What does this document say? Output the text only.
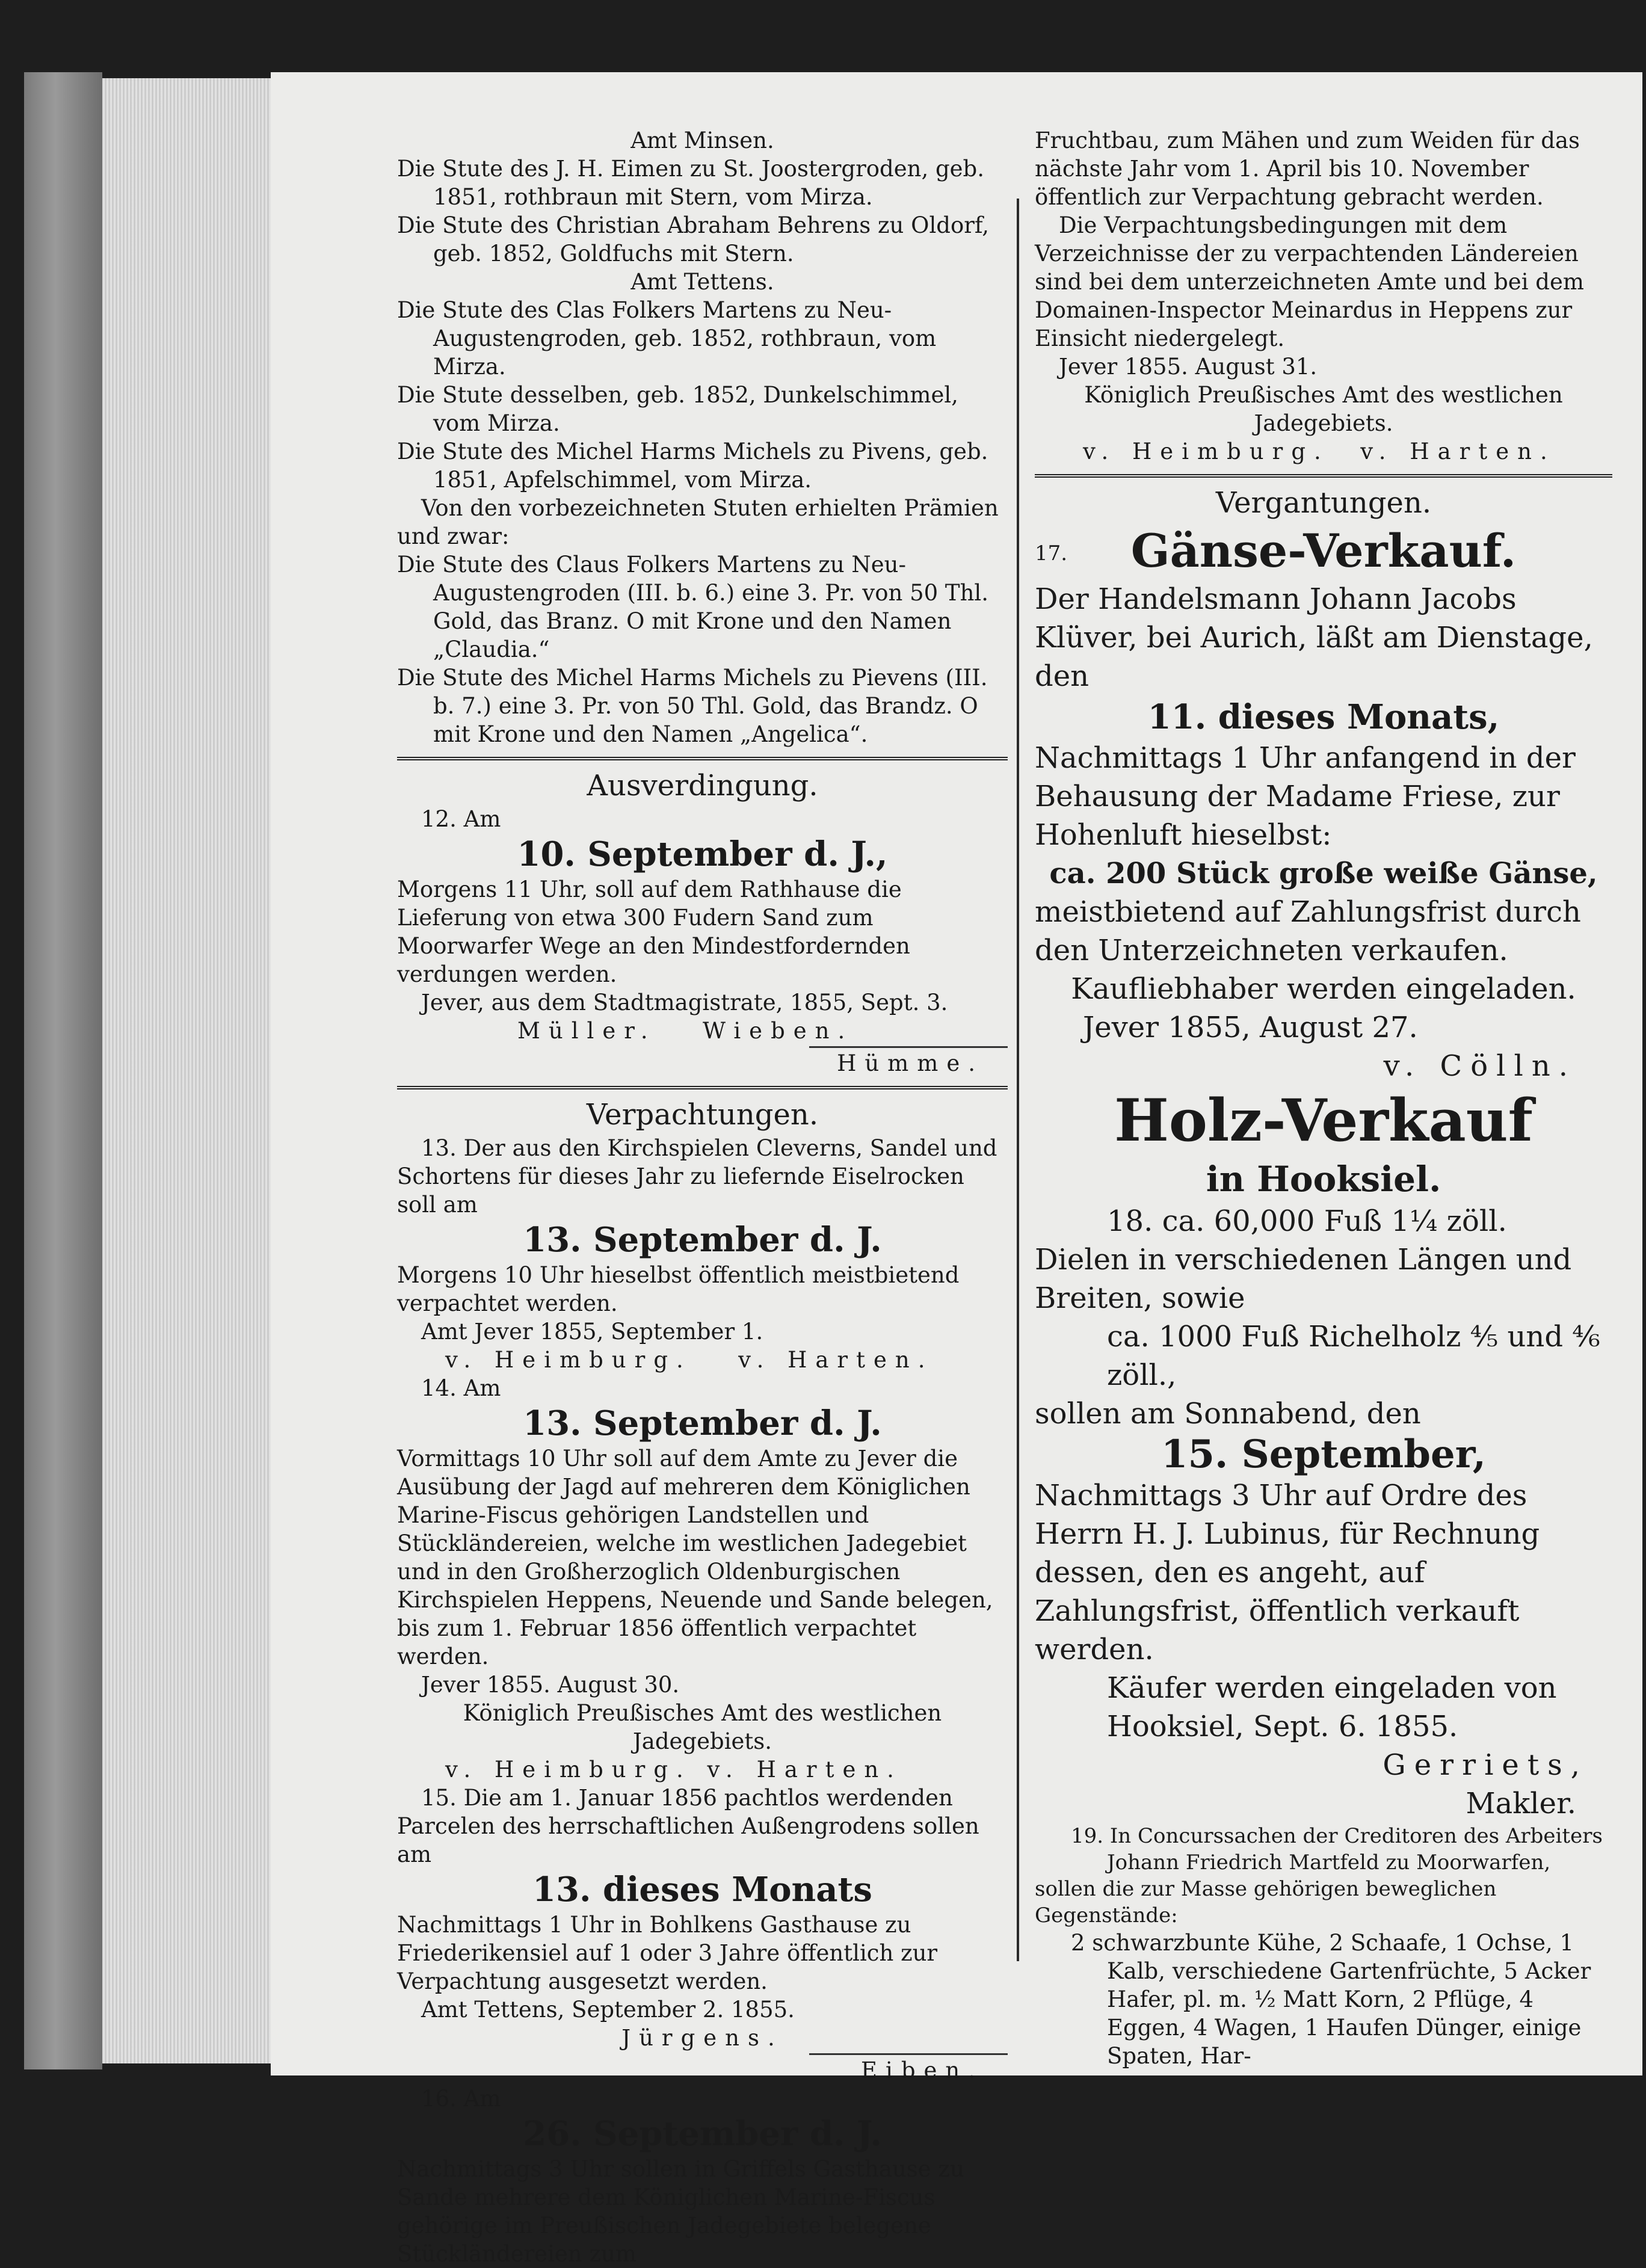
Amt Minsen.

Die Stute des J. H. Eimen zu St. Joostergroden, geb. 1851, rothbraun mit Stern, vom Mirza.

Die Stute des Christian Abraham Behrens zu Oldorf, geb. 1852, Goldfuchs mit Stern.

Amt Tettens.

Die Stute des Clas Folkers Martens zu Neu-Augustengroden, geb. 1852, rothbraun, vom Mirza.

Die Stute desselben, geb. 1852, Dunkelschimmel, vom Mirza.

Die Stute des Michel Harms Michels zu Pivens, geb. 1851, Apfelschimmel, vom Mirza.

Von den vorbezeichneten Stuten erhielten Prämien und zwar:

Die Stute des Claus Folkers Martens zu Neu-Augustengroden (III. b. 6.) eine 3. Pr. von 50 Thl. Gold, das Branz. O mit Krone und den Namen „Claudia.“

Die Stute des Michel Harms Michels zu Pievens (III. b. 7.) eine 3. Pr. von 50 Thl. Gold, das Brandz. O mit Krone und den Namen „Angelica“.

Ausverdingung.

12. Am

10. September d. J.,

Morgens 11 Uhr, soll auf dem Rathhause die Lieferung von etwa 300 Fudern Sand zum Moorwarfer Wege an den Mindestfordernden verdungen werden.

Jever, aus dem Stadtmagistrate, 1855, Sept. 3.

Müller. Wieben.

Hümme.

Verpachtungen.

13. Der aus den Kirchspielen Cleverns, Sandel und Schortens für dieses Jahr zu liefernde Eiselrocken soll am

13. September d. J.

Morgens 10 Uhr hieselbst öffentlich meistbietend verpachtet werden.

Amt Jever 1855, September 1.

v. Heimburg. v. Harten.

14. Am

13. September d. J.

Vormittags 10 Uhr soll auf dem Amte zu Jever die Ausübung der Jagd auf mehreren dem Königlichen Marine-Fiscus gehörigen Landstellen und Stückländereien, welche im westlichen Jadegebiet und in den Großherzoglich Oldenburgischen Kirchspielen Heppens, Neuende und Sande belegen, bis zum 1. Februar 1856 öffentlich verpachtet werden.

Jever 1855. August 30.

Königlich Preußisches Amt des westlichen Jadegebiets.

v. Heimburg. v. Harten.

15. Die am 1. Januar 1856 pachtlos werdenden Parcelen des herrschaftlichen Außengrodens sollen am

13. dieses Monats

Nachmittags 1 Uhr in Bohlkens Gasthause zu Friederikensiel auf 1 oder 3 Jahre öffentlich zur Verpachtung ausgesetzt werden.

Amt Tettens, September 2. 1855.

Jürgens.

Eiben.

16. Am

26. September d. J.

Nachmittags 3 Uhr sollen in Griffels Gasthause zu Sande mehrere dem Königlichen Marine-Fiscus gehörige im Preußischen Jadegebiete belegene Stückländereien zum

Fruchtbau, zum Mähen und zum Weiden für das nächste Jahr vom 1. April bis 10. November öffentlich zur Verpachtung gebracht werden.

Die Verpachtungsbedingungen mit dem Verzeichnisse der zu verpachtenden Ländereien sind bei dem unterzeichneten Amte und bei dem Domainen-Inspector Meinardus in Heppens zur Einsicht niedergelegt.

Jever 1855. August 31.

Königlich Preußisches Amt des westlichen Jadegebiets.

v. Heimburg. v. Harten.

Vergantungen.

17.	Gänse-Verkauf.

Der Handelsmann Johann Jacobs Klüver, bei Aurich, läßt am Dienstage, den

11. dieses Monats,

Nachmittags 1 Uhr anfangend in der Behausung der Madame Friese, zur Hohenluft hieselbst:

ca. 200 Stück große weiße Gänse,

meistbietend auf Zahlungsfrist durch den Unterzeichneten verkaufen.

Kaufliebhaber werden eingeladen.

Jever 1855, August 27.

v. Cölln.

Holz-Verkauf

in Hooksiel.

18. ca. 60,000 Fuß 1¼ zöll.

Dielen in verschiedenen Längen und Breiten, sowie

ca. 1000 Fuß Richelholz ⁴⁄₅ und ⁴⁄₆ zöll.,

sollen am Sonnabend, den

15. September,

Nachmittags 3 Uhr auf Ordre des Herrn H. J. Lubinus, für Rechnung dessen, den es angeht, auf Zahlungsfrist, öffentlich verkauft werden.

Käufer werden eingeladen von Hooksiel, Sept. 6. 1855.

Gerriets,

Makler.

19. In Concurssachen der Creditoren des Arbeiters Johann Friedrich Martfeld zu Moorwarfen,

sollen die zur Masse gehörigen beweglichen Gegenstände:

2 schwarzbunte Kühe, 2 Schaafe, 1 Ochse, 1 Kalb, verschiedene Gartenfrüchte, 5 Acker Hafer, pl. m. ½ Matt Korn, 2 Pflüge, 4 Eggen, 4 Wagen, 1 Haufen Dünger, einige Spaten, Har-
